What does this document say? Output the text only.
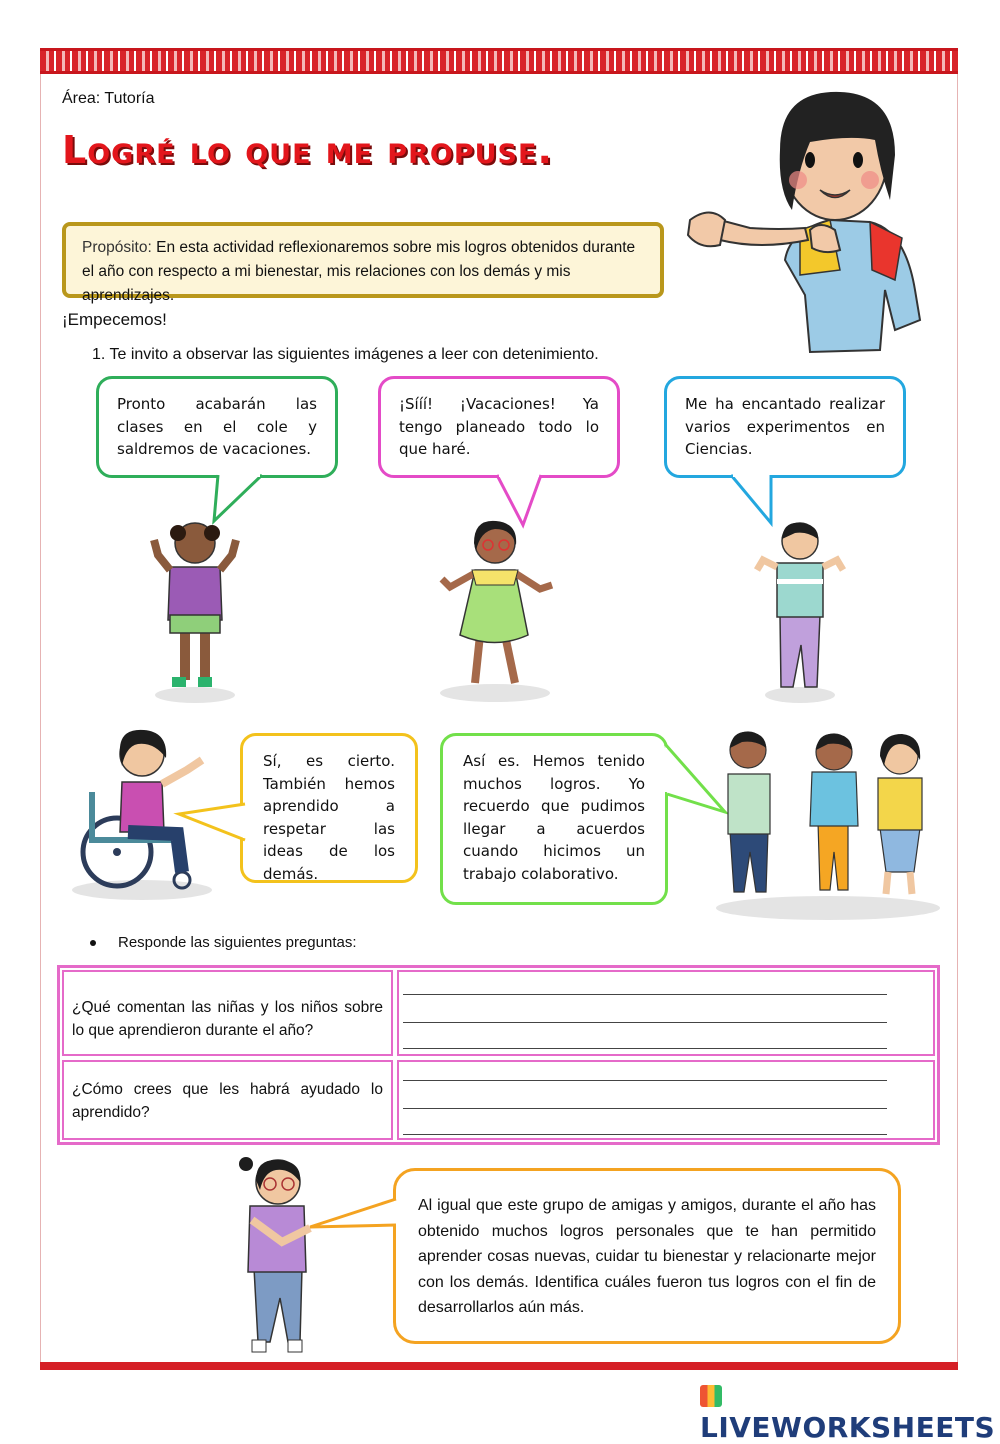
Área: Tutoría
Logré lo que me propuse.
Propósito: En esta actividad reflexionaremos sobre mis logros obtenidos durante el año con respecto a mi bienestar, mis relaciones con los demás y mis aprendizajes.
¡Empecemos!
1. Te invito a observar las siguientes imágenes a leer con detenimiento.
Pronto acabarán las clases en el cole y saldremos de vacaciones.
¡Sííí! ¡Vacaciones! Ya tengo planeado todo lo que haré.
Me ha encantado realizar varios experimentos en Ciencias.
Sí, es cierto. También hemos aprendido a respetar las ideas de los demás.
Así es. Hemos tenido muchos logros. Yo recuerdo que pudimos llegar a acuerdos cuando hicimos un trabajo colaborativo.
Responde las siguientes preguntas:
¿Qué comentan las niñas y los niños sobre lo que aprendieron durante el año?
¿Cómo crees que les habrá ayudado lo aprendido?
Al igual que este grupo de amigas y amigos, durante el año has obtenido muchos logros personales que te han permitido aprender cosas nuevas, cuidar tu bienestar y relacionarte mejor con los demás. Identifica cuáles fueron tus logros con el fin de desarrollarlos aún más.
LIVEWORKSHEETS
